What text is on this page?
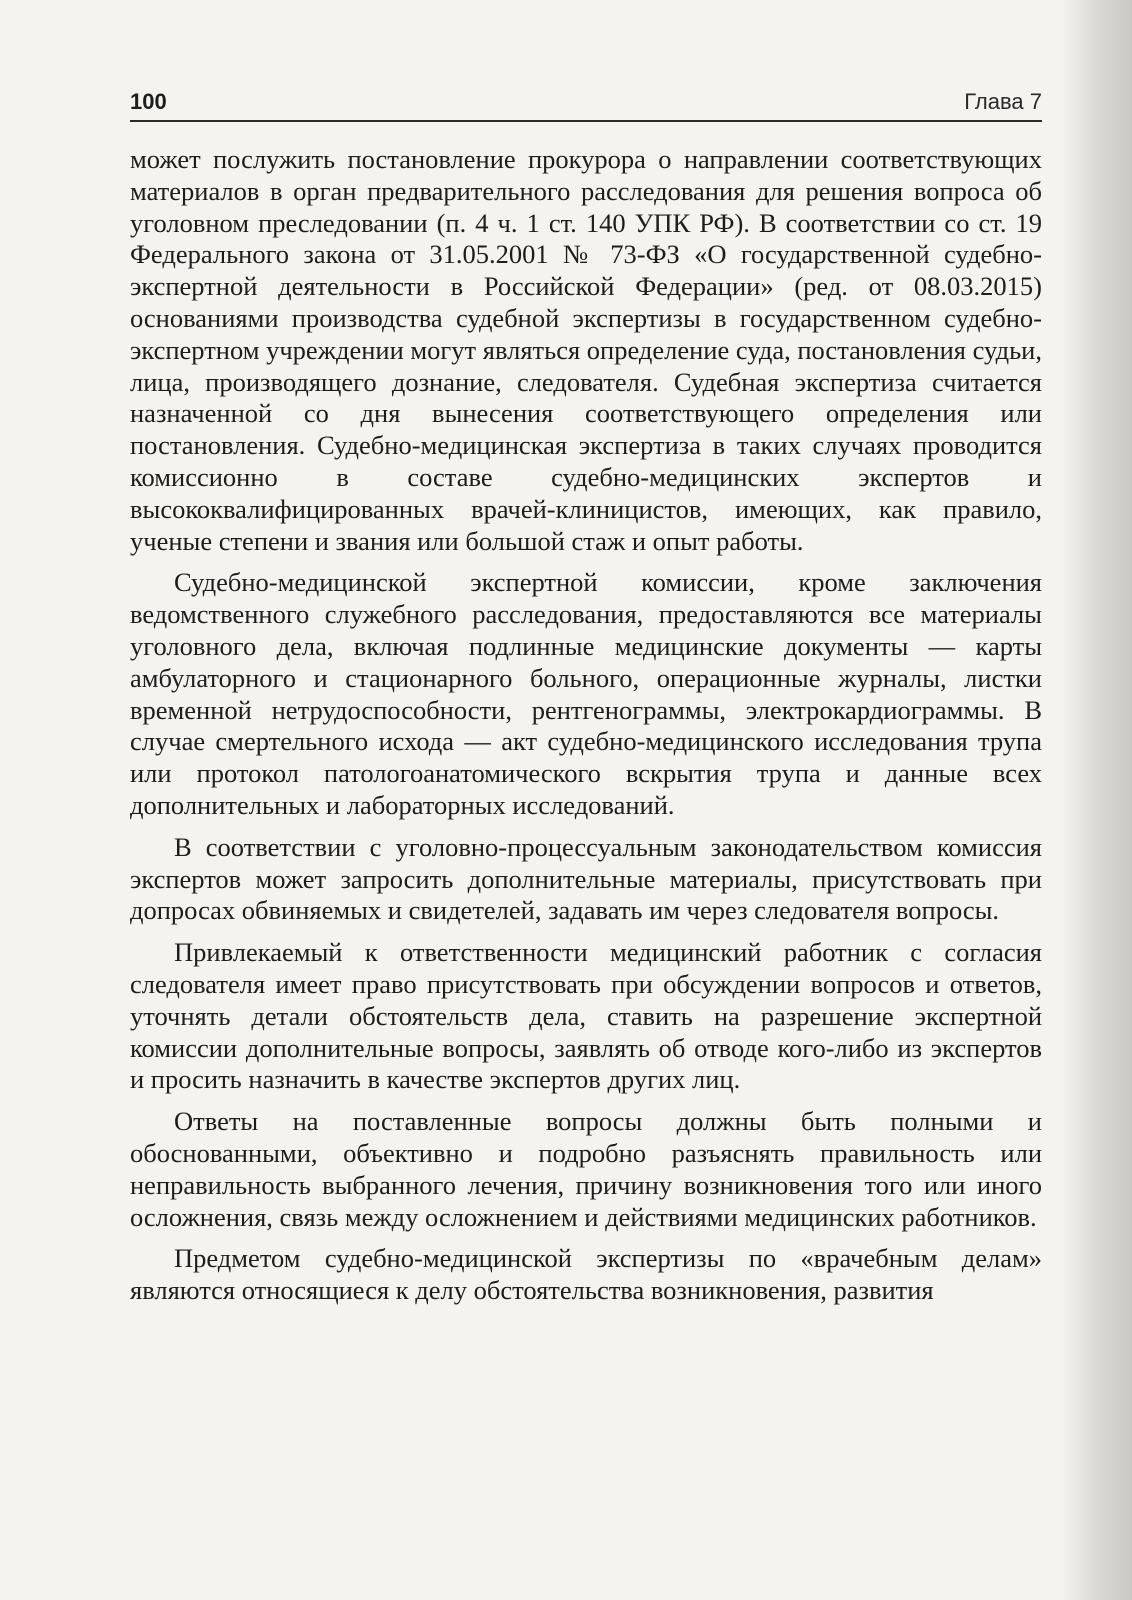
100	Глава 7

может послужить постановление прокурора о направлении соответствующих материалов в орган предварительного расследования для решения вопроса об уголовном преследовании (п. 4 ч. 1 ст. 140 УПК РФ). В соответствии со ст. 19 Федерального закона от 31.05.2001 № 73-ФЗ «О государственной судебно-экспертной деятельности в Российской Федерации» (ред. от 08.03.2015) основаниями производства судебной экспертизы в государственном судебно-экспертном учреждении могут являться определение суда, постановления судьи, лица, производящего дознание, следователя. Судебная экспертиза считается назначенной со дня вынесения соответствующего определения или постановления. Судебно-медицинская экспертиза в таких случаях проводится комиссионно в составе судебно-медицинских экспертов и высококвалифицированных врачей-клиницистов, имеющих, как правило, ученые степени и звания или большой стаж и опыт работы.

Судебно-медицинской экспертной комиссии, кроме заключения ведомственного служебного расследования, предоставляются все материалы уголовного дела, включая подлинные медицинские документы — карты амбулаторного и стационарного больного, операционные журналы, листки временной нетрудоспособности, рентгенограммы, электрокардиограммы. В случае смертельного исхода — акт судебно-медицинского исследования трупа или протокол патологоанатомического вскрытия трупа и данные всех дополнительных и лабораторных исследований.

В соответствии с уголовно-процессуальным законодательством комиссия экспертов может запросить дополнительные материалы, присутствовать при допросах обвиняемых и свидетелей, задавать им через следователя вопросы.

Привлекаемый к ответственности медицинский работник с согласия следователя имеет право присутствовать при обсуждении вопросов и ответов, уточнять детали обстоятельств дела, ставить на разрешение экспертной комиссии дополнительные вопросы, заявлять об отводе кого-либо из экспертов и просить назначить в качестве экспертов других лиц.

Ответы на поставленные вопросы должны быть полными и обоснованными, объективно и подробно разъяснять правильность или неправильность выбранного лечения, причину возникновения того или иного осложнения, связь между осложнением и действиями медицинских работников.

Предметом судебно-медицинской экспертизы по «врачебным делам» являются относящиеся к делу обстоятельства возникновения, развития
